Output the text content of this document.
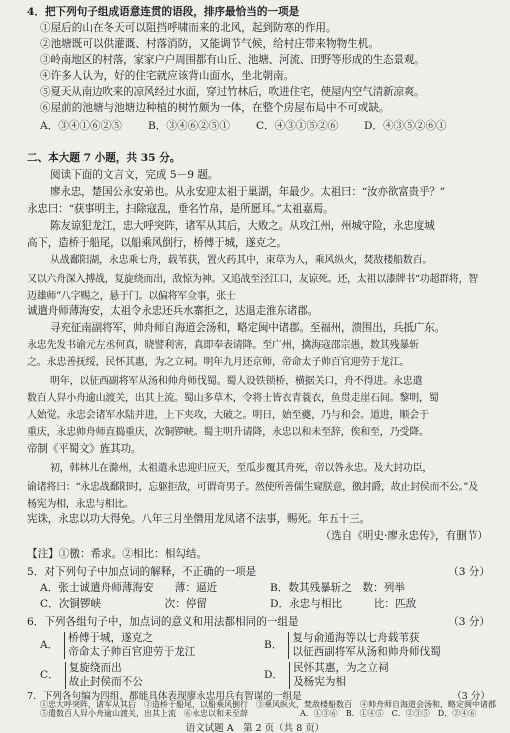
4．把下列句子组成语意连贯的语段，排序最恰当的一项是
①屋后的山在冬天可以阻挡呼啸而来的北风，起到防寒的作用。
②池塘既可以供灌溉、村落消防，又能调节气候，给村庄带来物物生机。
③岭南地区的村落，家家户户周围都有山丘、池塘、河流、田野等形成的生态景观。
④许多人认为，好的住宅就应该背山面水，坐北朝南。
⑤夏天从南边吹来的凉风经过水面，穿过竹林后，吹进住宅，使屋内空气清新凉爽。
⑥屋前的池塘与池塘边种植的树竹颇为一体，在整个房屋布局中不可或缺。
A．③④①⑥②⑤ B．③④⑥②⑤① C．④③①⑤②⑥ D．④③⑤②⑥①
二、本大题 7 小题，共 35 分。
阅读下面的文言文，完成 5－9 题。
廖永忠，楚国公永安弟也。从永安迎太祖于巢湖，年最少。太祖曰：“汝亦欲富贵乎？”
永忠曰：“获事明主，扫除寇乱，垂名竹帛，是所愿耳。”太祖嘉焉。
陈友谅犯龙江，忠大呼突阵，诸军从其后，大败之。从攻江州，州城守险，永忠度城
高下，造桥于船尾，以船乘风倒行，桥傅于城，遂克之。
从战鄱阳湖，永忠乘七舟，载苇获，置火药其中，束草为人，乘风纵火，焚敌楼船数百。
又以六舟深入搏战，复旋绕而出，敌惊为神。又追战至泾江口，友谅死。还，太祖以漆牌书“功超群将，智迈雄师”八字赐之，悬于门。以偏将军佥事，张士
诚遣舟师薄海安，太祖令永忠还兵水寨拒之，达退走淮东诸郡。
寻充征南副将军，帅舟师自海道会汤和，略定闽中诸郡。至福州，溃围出，兵抵广东。
永忠先发书谕元左丞何真，晓譬利害，真即奉表请降。至广州，擒海寇邵宗愚，数其残暴斩
之。永忠善抚绥，民怀其惠，为之立祠。明年九月还京师，帝命太子帅百官迎劳于龙江。
明年，以征西副将军从汤和帅舟师伐蜀。蜀人设铁锁桥，横据关口，舟不得进。永忠遣
数百人舁小舟逾山渡关，出其上流。蜀山多草木，令将士皆衣青蓑衣，鱼贯走崖石间。黎明，蜀
人始觉。永忠会诸军水陆并进，上下夹攻，大破之。明日，始至夔，乃与和会。道进，顺会于
重庆，永忠帅舟师直捣重庆，次铜锣峡。蜀主明升请降，永忠以和未至辞，俟和至，乃受降。
帝制《平蜀文》旌其功。
初，韩林儿在滁州，太祖遣永忠迎归应天，至瓜步覆其舟死，帝以咎永忠。及大封功臣，
谕诸将曰：“永忠战鄱阳时，忘躯拒敌，可谓奇男子。然使所善儒生窥朕意，徼封爵，故止封侯而不公。”及杨宪为相，永忠与相比。
宪诛，永忠以功大得免。八年三月坐僭用龙凤诸不法事，赐死。年五十三。
（选自《明史·廖永忠传》，有删节）
【注】①徼：希求。②相比：相勾结。
5．对下列句子中加点词的解释，不正确的一项是	（3 分）
A．张士诚遣舟师薄海安　　 薄：逼近	B．数其残暴斩之　 数：列举
C．次铜锣峡　　　　　　	次：停留	D．永忠与相比　　　	比：匹敌
6．下列各组句子中，加点词的意义和用法都相同的一组是	（3 分）
A．	桥傅于城，遂克之
帝命太子帅百官迎劳于龙江
B．	复与俞通海等以七舟载苇获
以征西副将军从汤和帅舟师伐蜀
C．	复旋绕而出
故止封侯而不公
D．	民怀其惠，为之立祠
及杨宪为相
7．下列各句编为四组，都能具体表现廖永忠用兵有智谋的一组是	（3 分）
①忠大呼突阵，诸军从其后　 ②造桥于船尾，以船乘风倒行　 ③乘风纵火，焚敌楼船数百　 ④帅舟师自海道会汤和，略定闽中诸郡
⑤遣数百人舁小舟逾山渡关，出其上流　 ⑥永忠以和未至辞	A．①③⑥　 B．①④⑤　 C．②③⑤　 D．②④⑥
语文试题 A　第 2 页（共 8 页）
